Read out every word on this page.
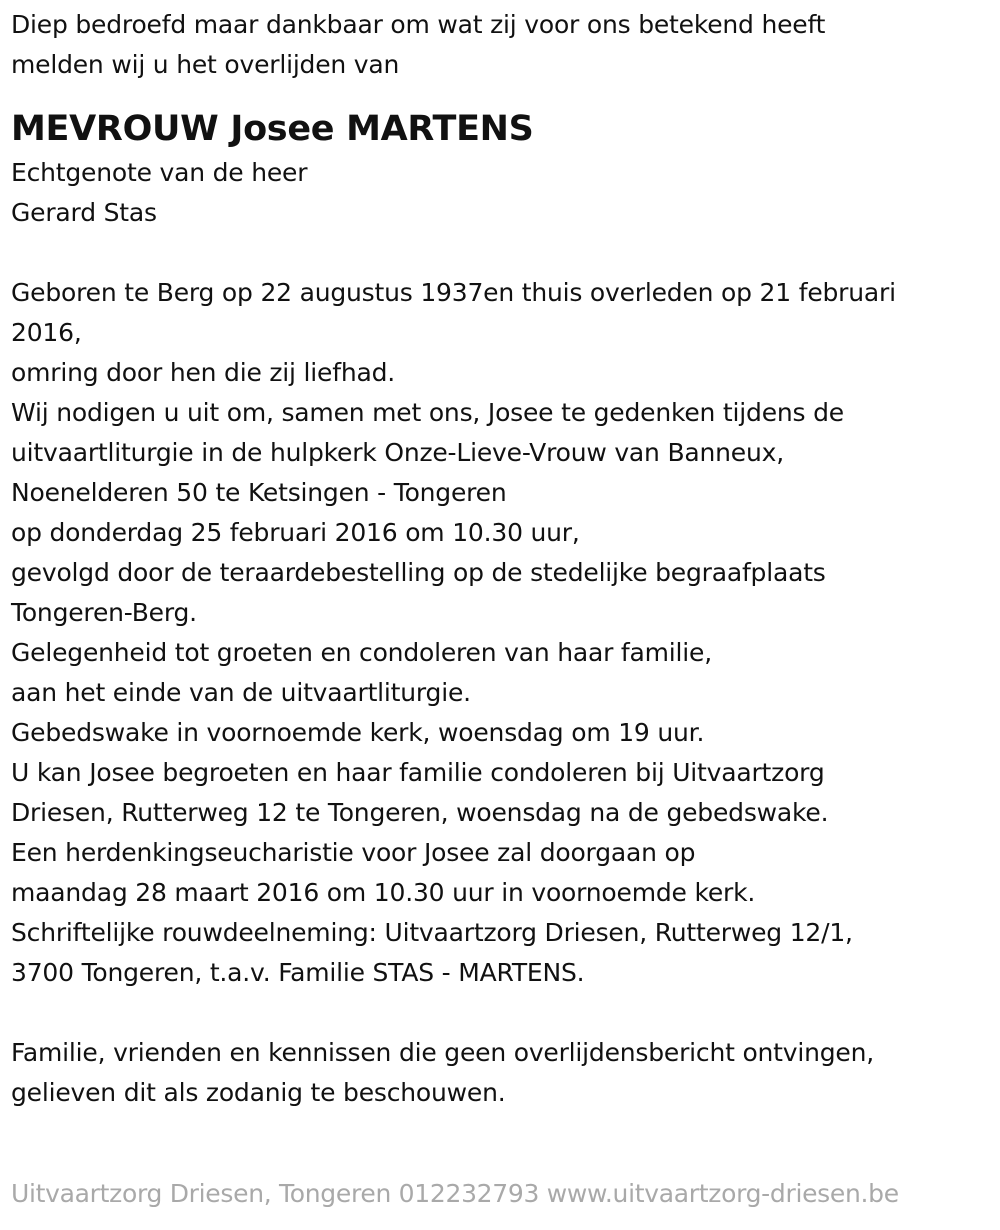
Diep bedroefd maar dankbaar om wat zij voor ons betekend heeft
melden wij u het overlijden van
MEVROUW Josee MARTENS
Echtgenote van de heer
Gerard Stas
Geboren te Berg op 22 augustus 1937en thuis overleden op 21 februari
2016,
omring door hen die zij liefhad.
Wij nodigen u uit om, samen met ons, Josee te gedenken tijdens de
uitvaartliturgie in de hulpkerk Onze-Lieve-Vrouw van Banneux,
Noenelderen 50 te Ketsingen - Tongeren
op donderdag 25 februari 2016 om 10.30 uur,
gevolgd door de teraardebestelling op de stedelijke begraafplaats
Tongeren-Berg.
Gelegenheid tot groeten en condoleren van haar familie,
aan het einde van de uitvaartliturgie.
Gebedswake in voornoemde kerk, woensdag om 19 uur.
U kan Josee begroeten en haar familie condoleren bij Uitvaartzorg
Driesen, Rutterweg 12 te Tongeren, woensdag na de gebedswake.
Een herdenkingseucharistie voor Josee zal doorgaan op
maandag 28 maart 2016 om 10.30 uur in voornoemde kerk.
Schriftelijke rouwdeelneming: Uitvaartzorg Driesen, Rutterweg 12/1,
3700 Tongeren, t.a.v. Familie STAS - MARTENS.
Familie, vrienden en kennissen die geen overlijdensbericht ontvingen,
gelieven dit als zodanig te beschouwen.
Uitvaartzorg Driesen, Tongeren 012232793 www.uitvaartzorg-driesen.be
